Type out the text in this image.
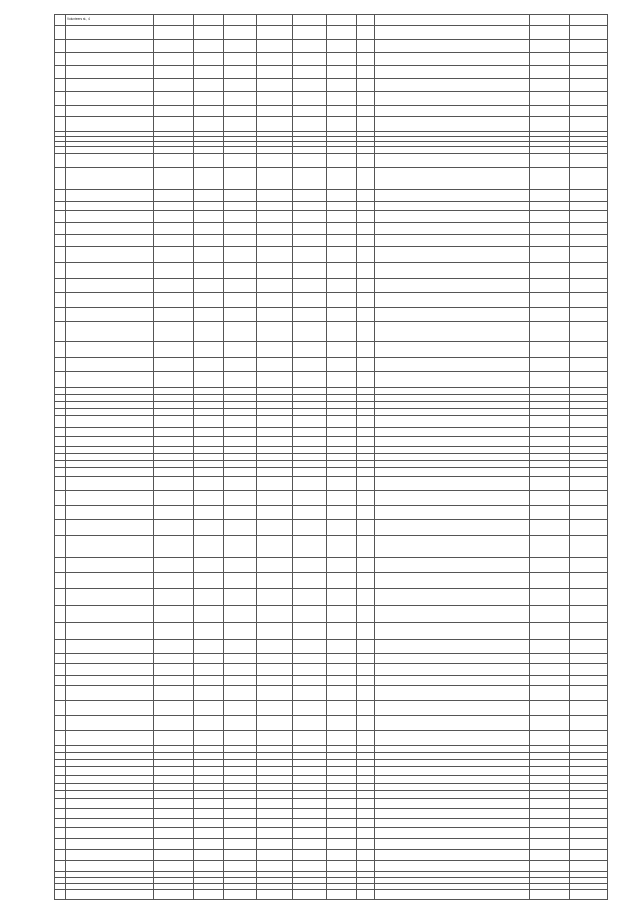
	Volunteers st., 4										
